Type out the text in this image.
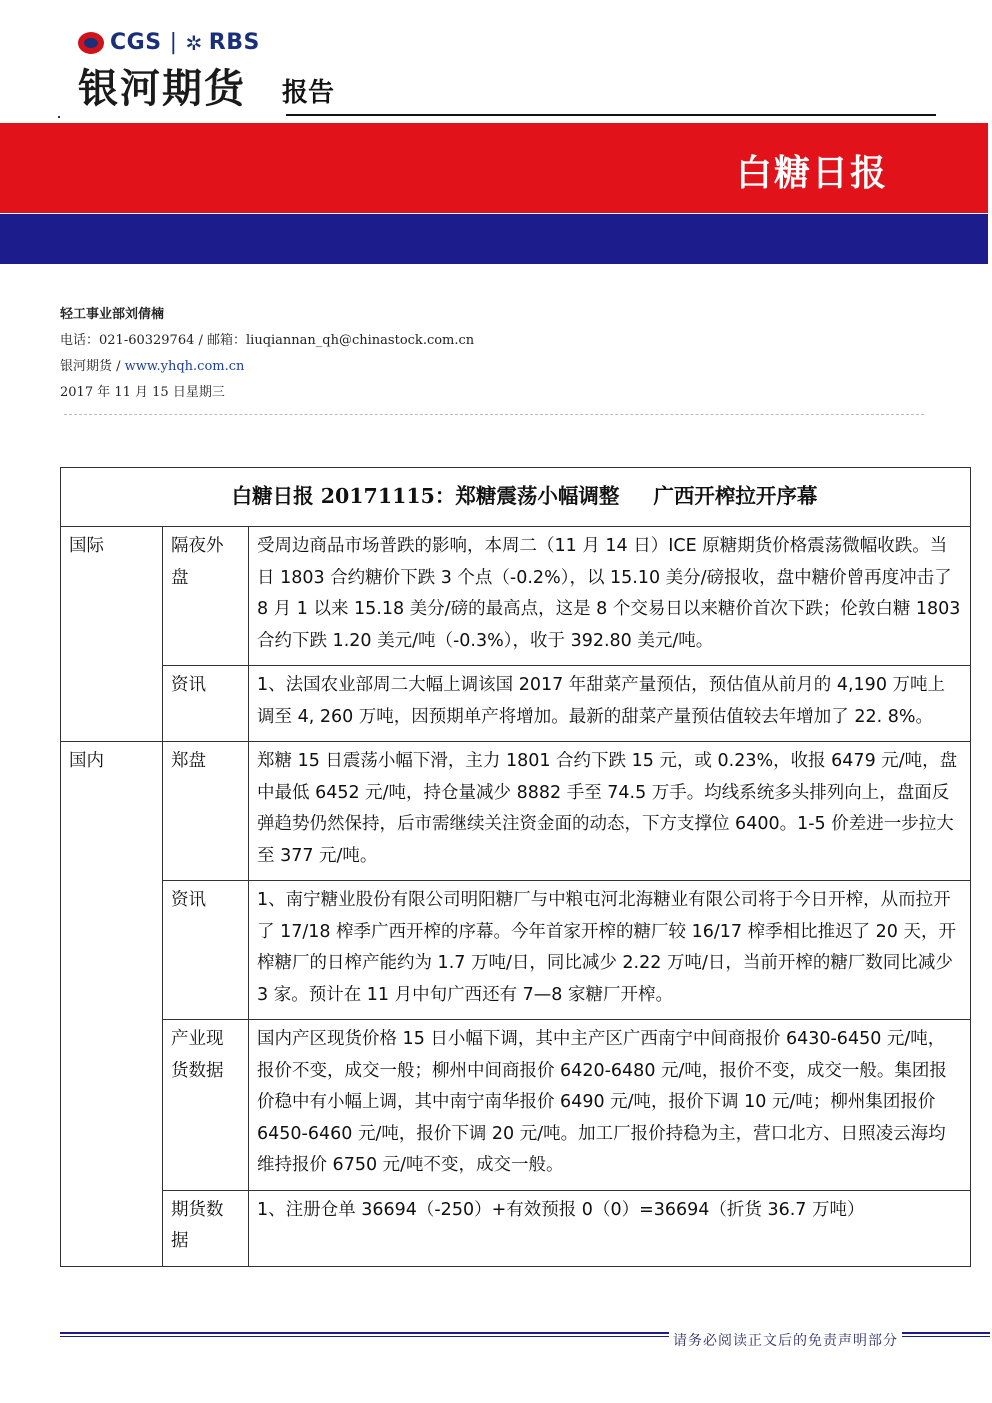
CGS | ✲ RBS
银河期货	报告
白糖日报
轻工事业部刘倩楠
电话：021-60329764 / 邮箱：liuqiannan_qh@chinastock.com.cn
银河期货 / www.yhqh.com.cn
2017 年 11 月 15 日星期三
白糖日报 20171115：郑糖震荡小幅调整 广西开榨拉开序幕		
国际	隔夜外盘	受周边商品市场普跌的影响，本周二（11 月 14 日）ICE 原糖期货价格震荡微幅收跌。当日 1803 合约糖价下跌 3 个点（-0.2%），以 15.10 美分/磅报收，盘中糖价曾再度冲击了 8 月 1 以来 15.18 美分/磅的最高点，这是 8 个交易日以来糖价首次下跌；伦敦白糖 1803 合约下跌 1.20 美元/吨（-0.3%），收于 392.80 美元/吨。
	资讯	1、法国农业部周二大幅上调该国 2017 年甜菜产量预估，预估值从前月的 4,190 万吨上调至 4, 260 万吨，因预期单产将增加。最新的甜菜产量预估值较去年增加了 22. 8%。
国内	郑盘	郑糖 15 日震荡小幅下滑，主力 1801 合约下跌 15 元，或 0.23%，收报 6479 元/吨，盘中最低 6452 元/吨，持仓量减少 8882 手至 74.5 万手。均线系统多头排列向上，盘面反弹趋势仍然保持，后市需继续关注资金面的动态，下方支撑位 6400。1-5 价差进一步拉大至 377 元/吨。
	资讯	1、南宁糖业股份有限公司明阳糖厂与中粮屯河北海糖业有限公司将于今日开榨，从而拉开了 17/18 榨季广西开榨的序幕。今年首家开榨的糖厂较 16/17 榨季相比推迟了 20 天，开榨糖厂的日榨产能约为 1.7 万吨/日，同比减少 2.22 万吨/日，当前开榨的糖厂数同比减少 3 家。预计在 11 月中旬广西还有 7—8 家糖厂开榨。
	产业现货数据	国内产区现货价格 15 日小幅下调，其中主产区广西南宁中间商报价 6430-6450 元/吨，报价不变，成交一般；柳州中间商报价 6420-6480 元/吨，报价不变，成交一般。集团报价稳中有小幅上调，其中南宁南华报价 6490 元/吨，报价下调 10 元/吨；柳州集团报价 6450-6460 元/吨，报价下调 20 元/吨。加工厂报价持稳为主，营口北方、日照凌云海均维持报价 6750 元/吨不变，成交一般。
	期货数据	1、注册仓单 36694（-250）+有效预报 0（0）=36694（折货 36.7 万吨）
请务必阅读正文后的免责声明部分
